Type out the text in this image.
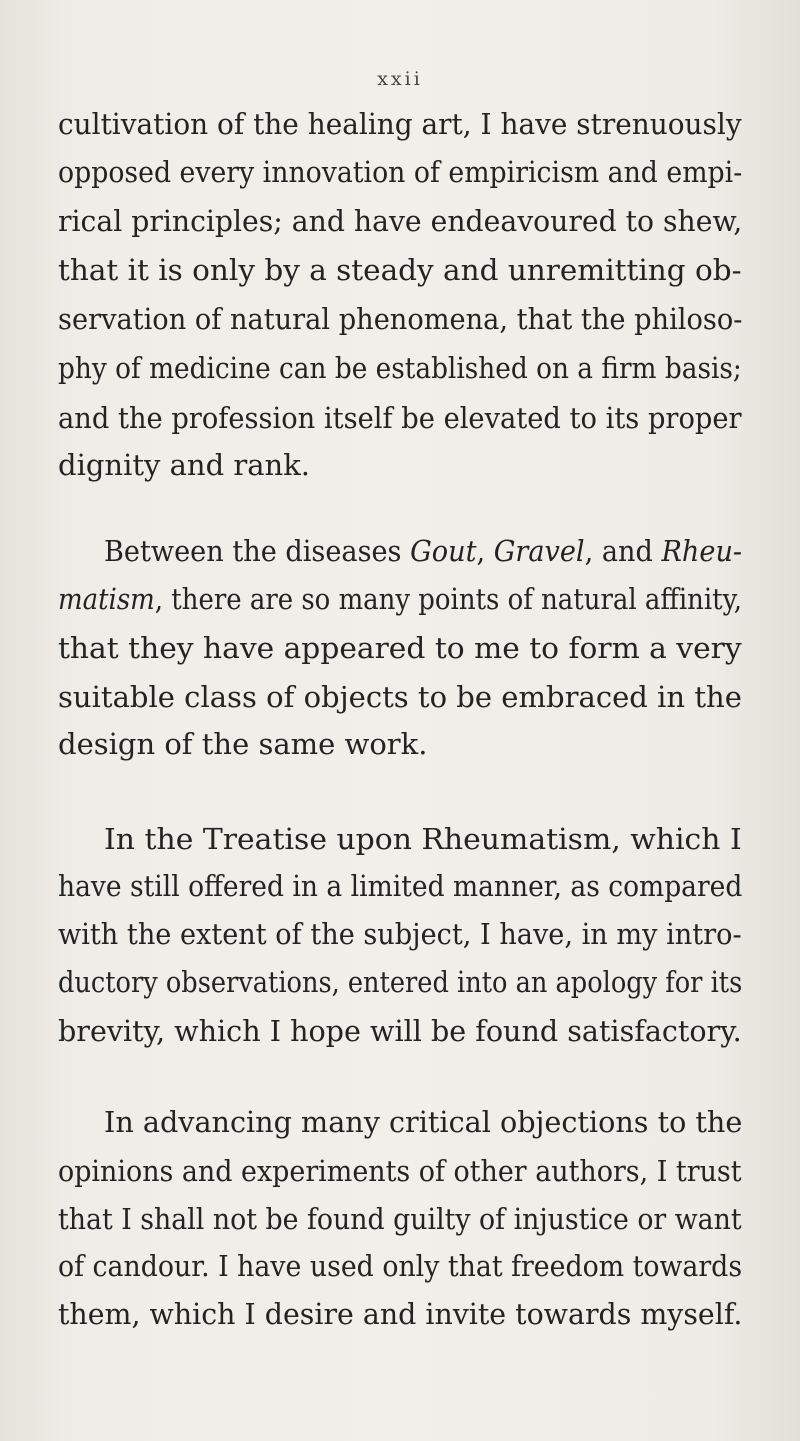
xxii
cultivation of the healing art, I have strenuously
opposed every innovation of empiricism and empi-
rical principles; and have endeavoured to shew,
that it is only by a steady and unremitting ob-
servation of natural phenomena, that the philoso-
phy of medicine can be established on a firm basis;
and the profession itself be elevated to its proper
dignity and rank.
Between the diseases Gout, Gravel, and Rheu-
matism, there are so many points of natural affinity,
that they have appeared to me to form a very
suitable class of objects to be embraced in the
design of the same work.
In the Treatise upon Rheumatism, which I
have still offered in a limited manner, as compared
with the extent of the subject, I have, in my intro-
ductory observations, entered into an apology for its
brevity, which I hope will be found satisfactory.
In advancing many critical objections to the
opinions and experiments of other authors, I trust
that I shall not be found guilty of injustice or want
of candour. I have used only that freedom towards
them, which I desire and invite towards myself.
